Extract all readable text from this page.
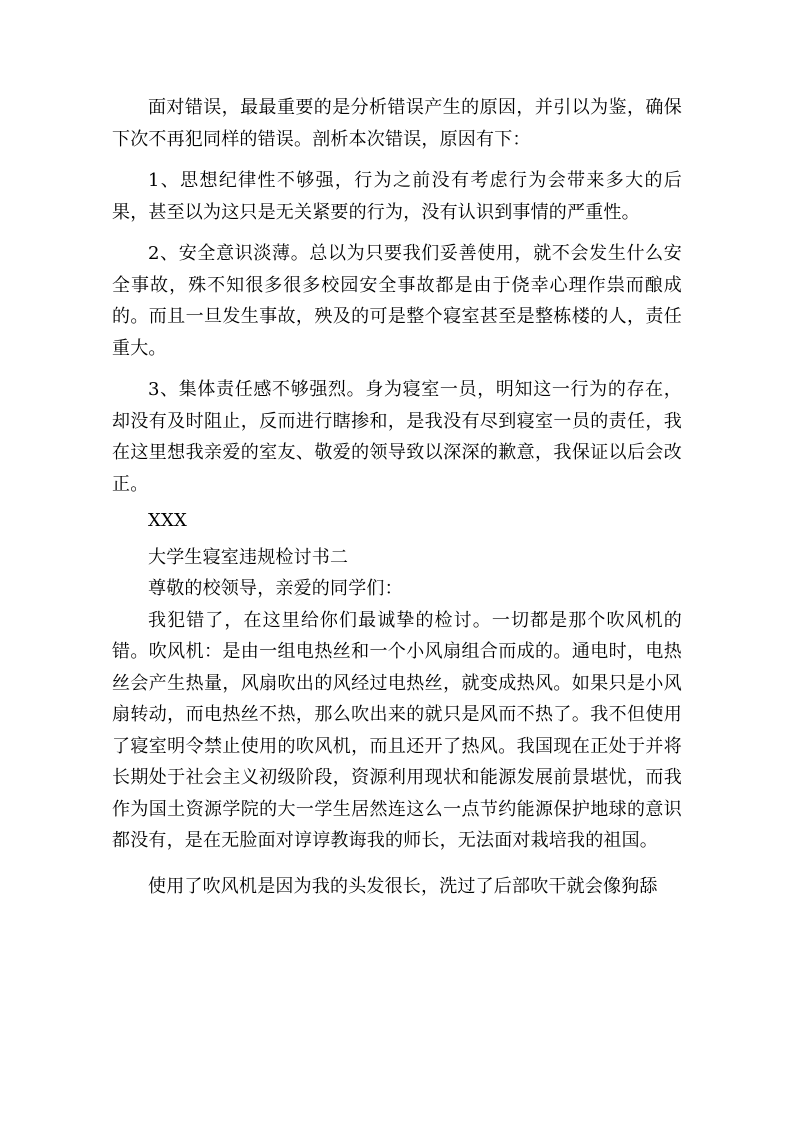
面对错误，最最重要的是分析错误产生的原因，并引以为鉴，确保下次不再犯同样的错误。剖析本次错误，原因有下：

1、思想纪律性不够强，行为之前没有考虑行为会带来多大的后果，甚至以为这只是无关紧要的行为，没有认识到事情的严重性。

2、安全意识淡薄。总以为只要我们妥善使用，就不会发生什么安全事故，殊不知很多很多校园安全事故都是由于侥幸心理作祟而酿成的。而且一旦发生事故，殃及的可是整个寝室甚至是整栋楼的人，责任重大。

3、集体责任感不够强烈。身为寝室一员，明知这一行为的存在，却没有及时阻止，反而进行瞎掺和，是我没有尽到寝室一员的责任，我在这里想我亲爱的室友、敬爱的领导致以深深的歉意，我保证以后会改正。

XXX

大学生寝室违规检讨书二

尊敬的校领导，亲爱的同学们：

我犯错了，在这里给你们最诚挚的检讨。一切都是那个吹风机的错。吹风机：是由一组电热丝和一个小风扇组合而成的。通电时，电热丝会产生热量，风扇吹出的风经过电热丝，就变成热风。如果只是小风扇转动，而电热丝不热，那么吹出来的就只是风而不热了。我不但使用了寝室明令禁止使用的吹风机，而且还开了热风。我国现在正处于并将长期处于社会主义初级阶段，资源利用现状和能源发展前景堪忧，而我作为国土资源学院的大一学生居然连这么一点节约能源保护地球的意识都没有，是在无脸面对谆谆教诲我的师长，无法面对栽培我的祖国。

使用了吹风机是因为我的头发很长，洗过了后部吹干就会像狗舔
